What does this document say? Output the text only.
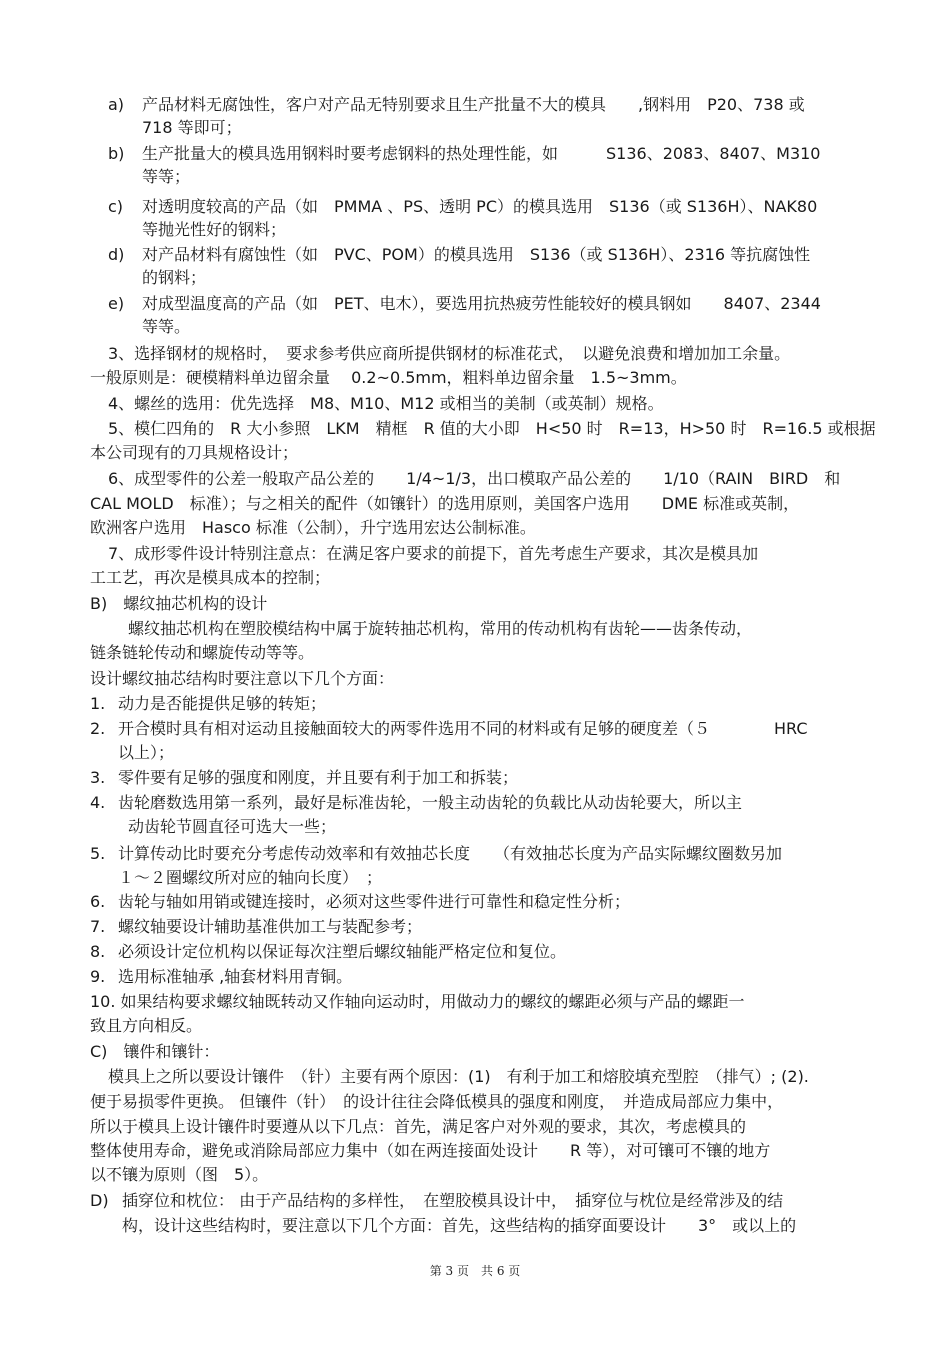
a) 产品材料无腐蚀性，客户对产品无特别要求且生产批量不大的模具　　,钢料用　P20、738 或
718 等即可；
b) 生产批量大的模具选用钢料时要考虑钢料的热处理性能，如　　　S136、2083、8407、M310
等等；
c) 对透明度较高的产品（如　PMMA 、PS、透明 PC）的模具选用　S136（或 S136H）、NAK80
等抛光性好的钢料；
d) 对产品材料有腐蚀性（如　PVC、POM）的模具选用　S136（或 S136H）、2316 等抗腐蚀性
的钢料；
e) 对成型温度高的产品（如　PET、电木），要选用抗热疲劳性能较好的模具钢如　　8407、2344
等等。
3、选择钢材的规格时，　要求参考供应商所提供钢材的标准花式，　以避免浪费和增加加工余量。
一般原则是：硬模精料单边留余量　 0.2~0.5mm，粗料单边留余量　1.5~3mm。
4、螺丝的选用：优先选择　M8、M10、M12 或相当的美制（或英制）规格。
5、模仁四角的　R 大小参照　LKM　精框　R 值的大小即　H<50 时　R=13，H>50 时　R=16.5 或根据
本公司现有的刀具规格设计；
6、成型零件的公差一般取产品公差的　　1/4~1/3，出口模取产品公差的　　1/10（RAIN　BIRD　和
CAL MOLD　标准）；与之相关的配件（如镶针）的选用原则，美国客户选用　　DME 标准或英制，
欧洲客户选用　Hasco 标准（公制），升宁选用宏达公制标准。
7、成形零件设计特别注意点：在满足客户要求的前提下，首先考虑生产要求，其次是模具加
工工艺，再次是模具成本的控制；
B)　螺纹抽芯机构的设计
螺纹抽芯机构在塑胶模结构中属于旋转抽芯机构，常用的传动机构有齿轮——齿条传动，
链条链轮传动和螺旋传动等等。
设计螺纹抽芯结构时要注意以下几个方面：
1. 动力是否能提供足够的转矩；
2. 开合模时具有相对运动且接触面较大的两零件选用不同的材料或有足够的硬度差（５　　　　HRC
以上）；
3. 零件要有足够的强度和刚度，并且要有利于加工和拆装；
4. 齿轮磨数选用第一系列，最好是标准齿轮，一般主动齿轮的负载比从动齿轮要大，所以主
动齿轮节圆直径可选大一些；
5. 计算传动比时要充分考虑传动效率和有效抽芯长度　　（有效抽芯长度为产品实际螺纹圈数另加
１～２圈螺纹所对应的轴向长度）　；
6. 齿轮与轴如用销或键连接时，必须对这些零件进行可靠性和稳定性分析；
7. 螺纹轴要设计辅助基准供加工与装配参考；
8. 必须设计定位机构以保证每次注塑后螺纹轴能严格定位和复位。
9. 选用标准轴承 ,轴套材料用青铜。
10. 如果结构要求螺纹轴既转动又作轴向运动时，用做动力的螺纹的螺距必须与产品的螺距一
致且方向相反。
C)　镶件和镶针：
模具上之所以要设计镶件　（针）主要有两个原因：(1)　有利于加工和熔胶填充型腔　（排气）; (2).
便于易损零件更换。 但镶件（针）　的设计往往会降低模具的强度和刚度，　并造成局部应力集中，
所以于模具上设计镶件时要遵从以下几点：首先，满足客户对外观的要求，其次，考虑模具的
整体使用寿命，避免或消除局部应力集中（如在两连接面处设计　　R 等），对可镶可不镶的地方
以不镶为原则（图　5）。
D) 插穿位和枕位： 由于产品结构的多样性，　在塑胶模具设计中，　插穿位与枕位是经常涉及的结
构，设计这些结构时，要注意以下几个方面：首先，这些结构的插穿面要设计　　3°　或以上的
第 3 页　共 6 页
